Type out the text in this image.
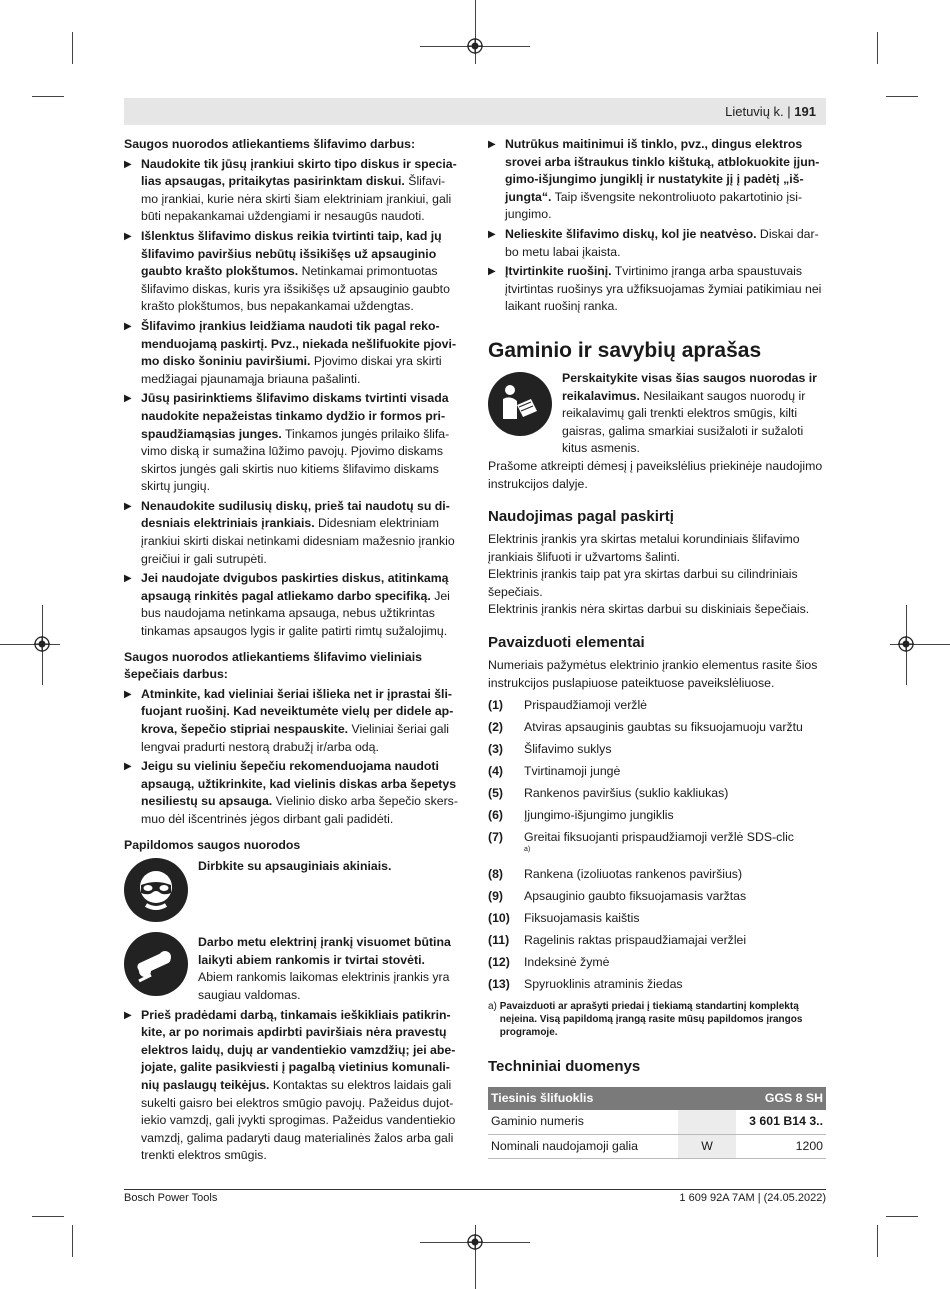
Lietuvių k. | 191

Saugos nuorodos atliekantiems šlifavimo darbus:

▶ Naudokite tik jūsų įrankiui skirto tipo diskus ir specialias apsaugas, pritaikytas pasirinktam diskui. Šlifavimo įrankiai, kurie nėra skirti šiam elektriniam įrankiui, gali būti nepakankamai uždengiami ir nesaugūs naudoti.
▶ Išlenktus šlifavimo diskus reikia tvirtinti taip, kad jų šlifavimo paviršius nebūtų išsikišęs už apsauginio gaubto krašto plokštumos. Netinkamai primontuotas šlifavimo diskas, kuris yra išsikišęs už apsauginio gaubto krašto plokštumos, bus nepakankamai uždengtas.
▶ Šlifavimo įrankius leidžiama naudoti tik pagal rekomenduojamą paskirtį. Pvz., niekada nešlifuokite pjovimo disko šoniniu paviršiumi. Pjovimo diskai yra skirti medžiagai pjaunamąja briauna pašalinti.
▶ Jūsų pasirinktiems šlifavimo diskams tvirtinti visada naudokite nepažeistas tinkamo dydžio ir formos prispaudžiamąsias junges. Tinkamos jungės prilaiko šlifavimo diską ir sumažina lūžimo pavojų. Pjovimo diskams skirtos jungės gali skirtis nuo kitiems šlifavimo diskams skirtų jungių.
▶ Nenaudokite sudilusių diskų, prieš tai naudotų su didesniais elektriniais įrankiais. Didesniam elektriniam įrankiui skirti diskai netinkami didesniam mažesnio įrankio greičiui ir gali sutrupėti.
▶ Jei naudojate dvigubos paskirties diskus, atitinkamą apsaugą rinkitės pagal atliekamo darbo specifiką. Jei bus naudojama netinkama apsauga, nebus užtikrintas tinkamas apsaugos lygis ir galite patirti rimtų sužalojimų.

Saugos nuorodos atliekantiems šlifavimo vieliniais šepečiais darbus:

▶ Atminkite, kad vieliniai šeriai išlieka net ir įprastai šlifuojant ruošinį. Kad neveiktumėte vielų per didele apkrova, šepečio stipriai nespauskite. Vieliniai šeriai gali lengvai pradurti nestorą drabužį ir/arba odą.
▶ Jeigu su vieliniu šepečiu rekomenduojama naudoti apsaugą, užtikrinkite, kad vielinis diskas arba šepetys nesiliestų su apsauga. Vielinio disko arba šepečio skersmuo dėl išcentrinės jėgos dirbant gali padidėti.

Papildomos saugos nuorodos

Dirbkite su apsauginiais akiniais.
Darbo metu elektrinį įrankį visuomet būtina laikyti abiem rankomis ir tvirtai stovėti. Abiem rankomis laikomas elektrinis įrankis yra saugiau valdomas.
▶ Prieš pradėdami darbą, tinkamais ieškikliais patikrinkite, ar po norimais apdirbti paviršiais nėra pravestų elektros laidų, dujų ar vandentiekio vamzdžių; jei abejojate, galite pasikviesti į pagalbą vietinius komunalinių paslaugų teikėjus. Kontaktas su elektros laidais gali sukelti gaisro bei elektros smūgio pavojų. Pažeidus dujotiekio vamzdį, gali įvykti sprogimas. Pažeidus vandentiekio vamzdį, galima padaryti daug materialinės žalos arba gali trenkti elektros smūgis.
▶ Nutrūkus maitinimui iš tinklo, pvz., dingus elektros srovei arba ištraukus tinklo kištuką, atblokuokite įjungimo-išjungimo jungiklį ir nustatykite jį į padėtį „išjungta“. Taip išvengsite nekontroliuoto pakartotinio įsijungimo.
▶ Nelieskite šlifavimo diskų, kol jie neatvėso. Diskai darbo metu labai įkaista.
▶ Įtvirtinkite ruošinį. Tvirtinimo įranga arba spaustuvais įtvirtintas ruošinys yra užfiksuojamas žymiai patikimiau nei laikant ruošinį ranka.
Gaminio ir savybių aprašas
Perskaitykite visas šias saugos nuorodas ir reikalavimus. Nesilaikant saugos nuorodų ir reikalavimų gali trenkti elektros smūgis, kilti gaisras, galima smarkiai susižaloti ir sužaloti kitus asmenis.

Prašome atkreipti dėmesį į paveikslėlius priekinėje naudojimo instrukcijos dalyje.

Naudojimas pagal paskirtį

Elektrinis įrankis yra skirtas metalui korundiniais šlifavimo įrankiais šlifuoti ir užvartoms šalinti.

Elektrinis įrankis taip pat yra skirtas darbui su cilindriniais šepečiais.

Elektrinis įrankis nėra skirtas darbui su diskiniais šepečiais.

Pavaizduoti elementai

Numeriais pažymėtus elektrinio įrankio elementus rasite šios instrukcijos puslapiuose pateiktuose paveikslėliuose.

(1)	Prispaudžiamoji veržlė
(2)	Atviras apsauginis gaubtas su fiksuojamuoju varžtu
(3)	Šlifavimo suklys
(4)	Tvirtinamoji jungė
(5)	Rankenos paviršius (suklio kakliukas)
(6)	Įjungimo-išjungimo jungiklis
(7)	Greitai fiksuojanti prispaudžiamoji veržlė SDS-clic
a)
(8)	Rankena (izoliuotas rankenos paviršius)
(9)	Apsauginio gaubto fiksuojamasis varžtas
(10)	Fiksuojamasis kaištis
(11)	Ragelinis raktas prispaudžiamajai veržlei
(12)	Indeksinė žymė
(13)	Spyruoklinis atraminis žiedas
a) Pavaizduoti ar aprašyti priedai į tiekiamą standartinį komplektą neįeina. Visą papildomą įrangą rasite mūsų papildomos įrangos programoje.
Techniniai duomenys
Tiesinis šlifuoklis		GGS 8 SH
Gaminio numeris		3 601 B14 3..
Nominali naudojamoji galia	W	1200
Bosch Power Tools	1 609 92A 7AM | (24.05.2022)
